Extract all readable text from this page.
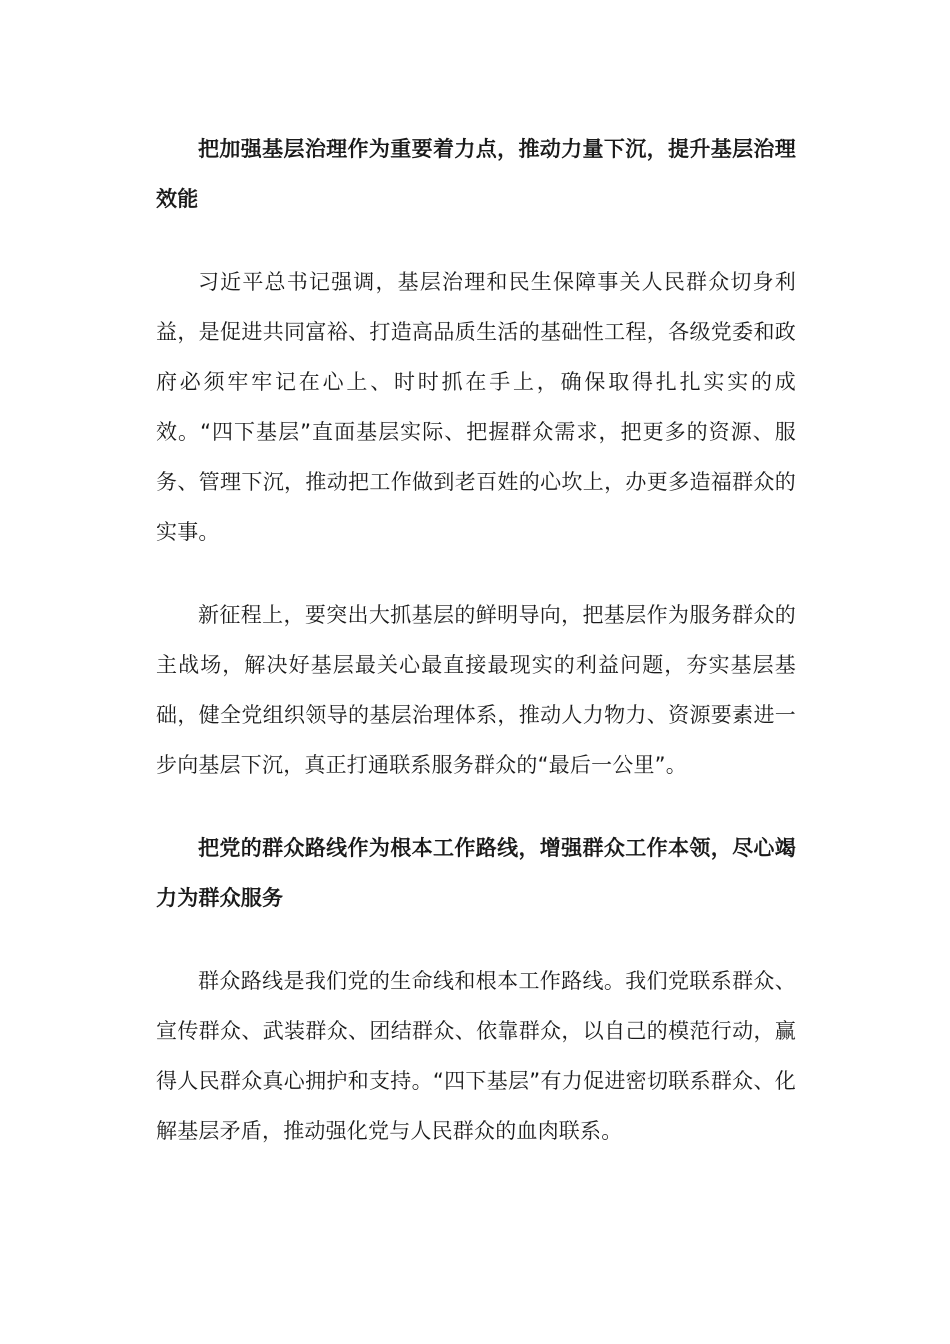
把加强基层治理作为重要着力点，推动力量下沉，提升基层治理效能

习近平总书记强调，基层治理和民生保障事关人民群众切身利益，是促进共同富裕、打造高品质生活的基础性工程，各级党委和政府必须牢牢记在心上、时时抓在手上，确保取得扎扎实实的成效。“四下基层”直面基层实际、把握群众需求，把更多的资源、服务、管理下沉，推动把工作做到老百姓的心坎上，办更多造福群众的实事。

新征程上，要突出大抓基层的鲜明导向，把基层作为服务群众的主战场，解决好基层最关心最直接最现实的利益问题，夯实基层基础，健全党组织领导的基层治理体系，推动人力物力、资源要素进一步向基层下沉，真正打通联系服务群众的“最后一公里”。

把党的群众路线作为根本工作路线，增强群众工作本领，尽心竭力为群众服务

群众路线是我们党的生命线和根本工作路线。我们党联系群众、宣传群众、武装群众、团结群众、依靠群众，以自己的模范行动，赢得人民群众真心拥护和支持。“四下基层”有力促进密切联系群众、化解基层矛盾，推动强化党与人民群众的血肉联系。
